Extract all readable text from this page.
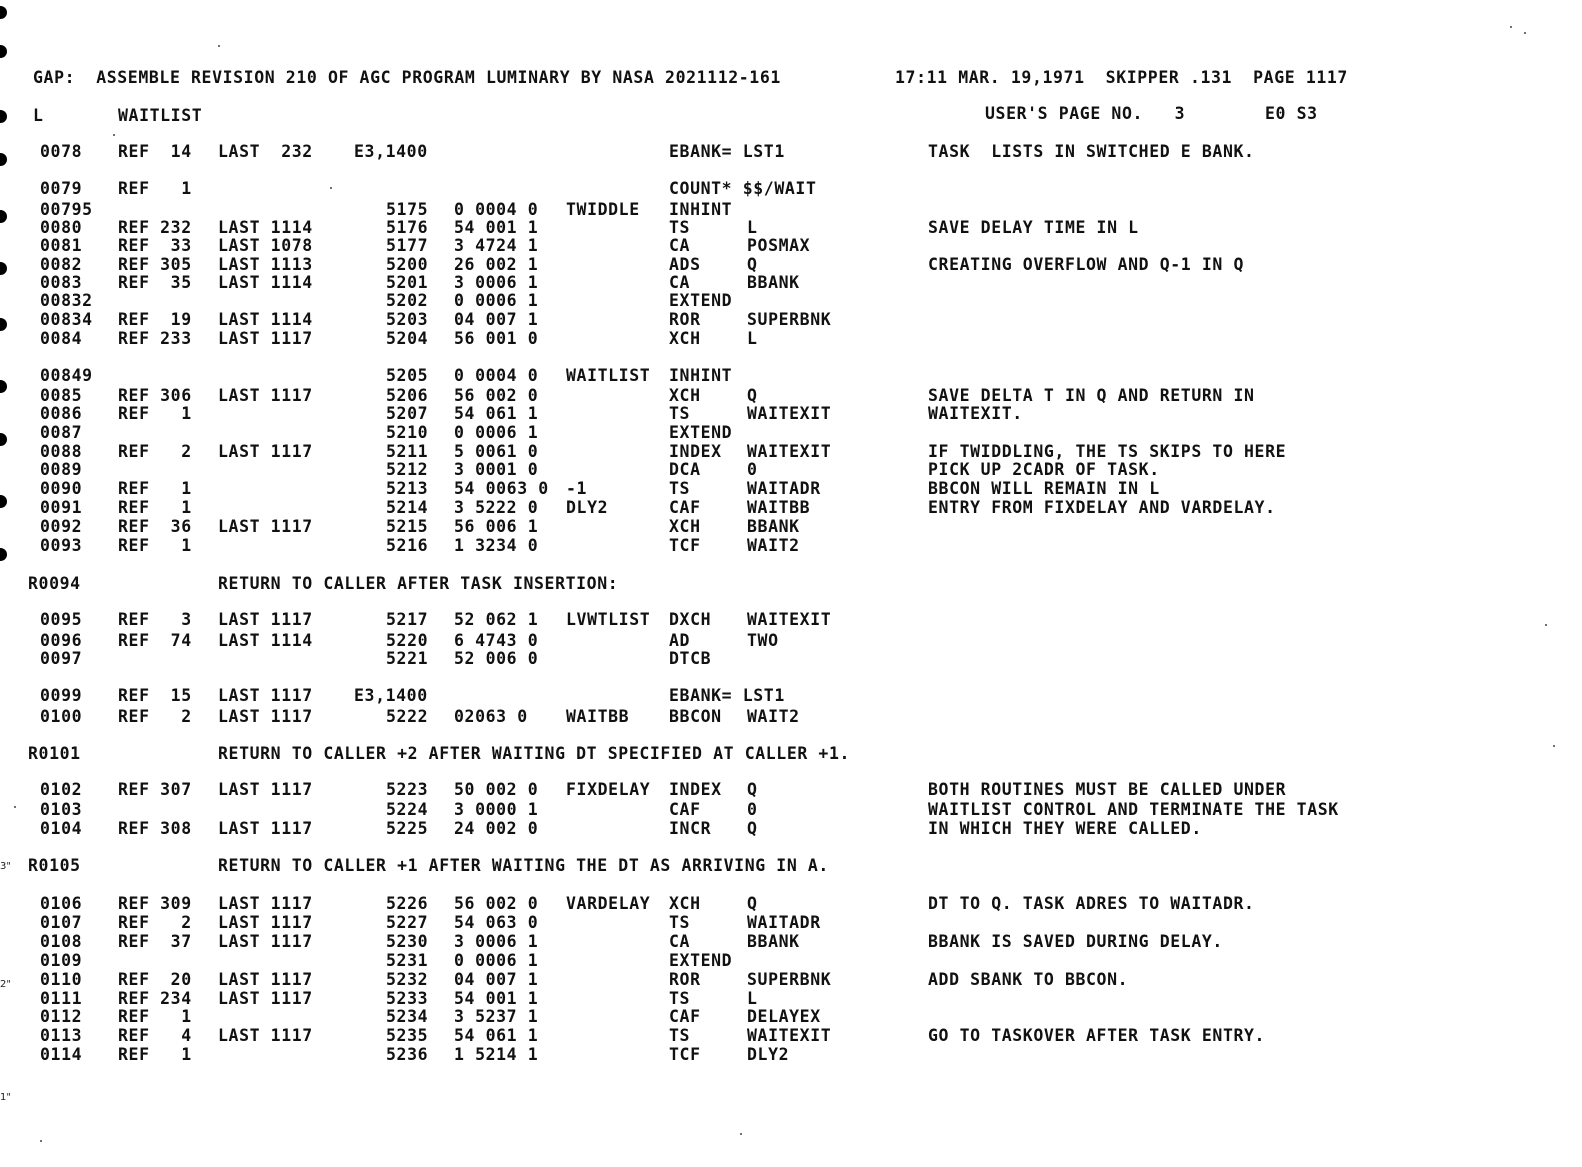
GAP:  ASSEMBLE REVISION 210 OF AGC PROGRAM LUMINARY BY NASA 2021112-161	17:11 MAR. 19,1971  SKIPPER .131  PAGE 1117
L	WAITLIST	USER'S PAGE NO.   3	E0 S3
0078 REF  14 LAST  232 E3,1400	EBANK= LST1	TASK  LISTS IN SWITCHED E BANK.
0079 REF   1	COUNT* $$/WAIT
00795	5175 0 0004 0 TWIDDLE INHINT
0080 REF 232 LAST 1114	5176 54 001 1	TS	L	SAVE DELAY TIME IN L
0081 REF  33 LAST 1078	5177 3 4724 1	CA	POSMAX
0082 REF 305 LAST 1113	5200 26 002 1	ADS	Q	CREATING OVERFLOW AND Q-1 IN Q
0083 REF  35 LAST 1114	5201 3 0006 1	CA	BBANK
00832	5202 0 0006 1	EXTEND
00834 REF  19 LAST 1114	5203 04 007 1	ROR	SUPERBNK
0084 REF 233 LAST 1117	5204 56 001 0	XCH	L
00849	5205 0 0004 0 WAITLIST INHINT
0085 REF 306 LAST 1117	5206 56 002 0	XCH	Q	SAVE DELTA T IN Q AND RETURN IN
0086 REF   1	5207 54 061 1	TS	WAITEXIT	WAITEXIT.
0087	5210 0 0006 1	EXTEND
0088 REF   2 LAST 1117	5211 5 0061 0	INDEX WAITEXIT	IF TWIDDLING, THE TS SKIPS TO HERE
0089	5212 3 0001 0	DCA	0	PICK UP 2CADR OF TASK.
0090 REF   1	5213 54 0063 0 -1	TS	WAITADR	BBCON WILL REMAIN IN L
0091 REF   1	5214 3 5222 0 DLY2	CAF	WAITBB	ENTRY FROM FIXDELAY AND VARDELAY.
0092 REF  36 LAST 1117	5215 56 006 1	XCH	BBANK
0093 REF   1	5216 1 3234 0	TCF	WAIT2
R0094	RETURN TO CALLER AFTER TASK INSERTION:
0095 REF   3 LAST 1117	5217 52 062 1 LVWTLIST DXCH WAITEXIT
0096 REF  74 LAST 1114	5220 6 4743 0	AD	TWO
0097	5221 52 006 0	DTCB
0099 REF  15 LAST 1117 E3,1400	EBANK= LST1
0100 REF   2 LAST 1117	5222 02063 0 WAITBB BBCON WAIT2
R0101	RETURN TO CALLER +2 AFTER WAITING DT SPECIFIED AT CALLER +1.
0102 REF 307 LAST 1117	5223 50 002 0 FIXDELAY INDEX Q	BOTH ROUTINES MUST BE CALLED UNDER
0103	5224 3 0000 1	CAF	0	WAITLIST CONTROL AND TERMINATE THE TASK
0104 REF 308 LAST 1117	5225 24 002 0	INCR Q	IN WHICH THEY WERE CALLED.
R0105	RETURN TO CALLER +1 AFTER WAITING THE DT AS ARRIVING IN A.
0106 REF 309 LAST 1117	5226 56 002 0 VARDELAY XCH	Q	DT TO Q. TASK ADRES TO WAITADR.
0107 REF   2 LAST 1117	5227 54 063 0	TS	WAITADR
0108 REF  37 LAST 1117	5230 3 0006 1	CA	BBANK	BBANK IS SAVED DURING DELAY.
0109	5231 0 0006 1	EXTEND
0110 REF  20 LAST 1117	5232 04 007 1	ROR	SUPERBNK	ADD SBANK TO BBCON.
0111 REF 234 LAST 1117	5233 54 001 1	TS	L
0112 REF   1	5234 3 5237 1	CAF	DELAYEX
0113 REF   4 LAST 1117	5235 54 061 1	TS	WAITEXIT	GO TO TASKOVER AFTER TASK ENTRY.
0114 REF   1	5236 1 5214 1	TCF	DLY2
3"
2"
1"
